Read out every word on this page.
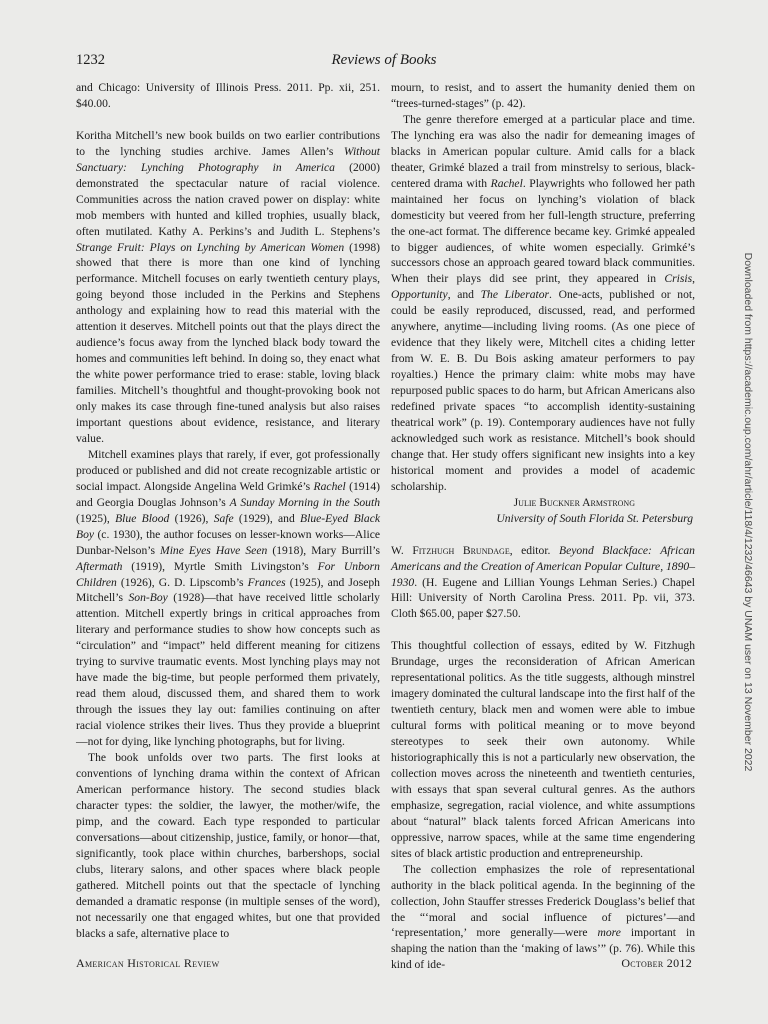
1232	Reviews of Books

and Chicago: University of Illinois Press. 2011. Pp. xii, 251. $40.00.

Koritha Mitchell’s new book builds on two earlier contributions to the lynching studies archive. James Allen’s Without Sanctuary: Lynching Photography in America (2000) demonstrated the spectacular nature of racial violence. Communities across the nation craved power on display: white mob members with hunted and killed trophies, usually black, often mutilated. Kathy A. Perkins’s and Judith L. Stephens’s Strange Fruit: Plays on Lynching by American Women (1998) showed that there is more than one kind of lynching performance. Mitchell focuses on early twentieth century plays, going beyond those included in the Perkins and Stephens anthology and explaining how to read this material with the attention it deserves. Mitchell points out that the plays direct the audience’s focus away from the lynched black body toward the homes and communities left behind. In doing so, they enact what the white power performance tried to erase: stable, loving black families. Mitchell’s thoughtful and thought-provoking book not only makes its case through fine-tuned analysis but also raises important questions about evidence, resistance, and literary value.

Mitchell examines plays that rarely, if ever, got professionally produced or published and did not create recognizable artistic or social impact. Alongside Angelina Weld Grimké’s Rachel (1914) and Georgia Douglas Johnson’s A Sunday Morning in the South (1925), Blue Blood (1926), Safe (1929), and Blue-Eyed Black Boy (c. 1930), the author focuses on lesser-known works—Alice Dunbar-Nelson’s Mine Eyes Have Seen (1918), Mary Burrill’s Aftermath (1919), Myrtle Smith Livingston’s For Unborn Children (1926), G. D. Lipscomb’s Frances (1925), and Joseph Mitchell’s Son-Boy (1928)—that have received little scholarly attention. Mitchell expertly brings in critical approaches from literary and performance studies to show how concepts such as “circulation” and “impact” held different meaning for citizens trying to survive traumatic events. Most lynching plays may not have made the big-time, but people performed them privately, read them aloud, discussed them, and shared them to work through the issues they lay out: families continuing on after racial violence strikes their lives. Thus they provide a blueprint—not for dying, like lynching photographs, but for living.

The book unfolds over two parts. The first looks at conventions of lynching drama within the context of African American performance history. The second studies black character types: the soldier, the lawyer, the mother/wife, the pimp, and the coward. Each type responded to particular conversations—about citizenship, justice, family, or honor—that, significantly, took place within churches, barbershops, social clubs, literary salons, and other spaces where black people gathered. Mitchell points out that the spectacle of lynching demanded a dramatic response (in multiple senses of the word), not necessarily one that engaged whites, but one that provided blacks a safe, alternative place to

mourn, to resist, and to assert the humanity denied them on “trees-turned-stages” (p. 42).

The genre therefore emerged at a particular place and time. The lynching era was also the nadir for demeaning images of blacks in American popular culture. Amid calls for a black theater, Grimké blazed a trail from minstrelsy to serious, black-centered drama with Rachel. Playwrights who followed her path maintained her focus on lynching’s violation of black domesticity but veered from her full-length structure, preferring the one-act format. The difference became key. Grimké appealed to bigger audiences, of white women especially. Grimké’s successors chose an approach geared toward black communities. When their plays did see print, they appeared in Crisis, Opportunity, and The Liberator. One-acts, published or not, could be easily reproduced, discussed, read, and performed anywhere, anytime—including living rooms. (As one piece of evidence that they likely were, Mitchell cites a chiding letter from W. E. B. Du Bois asking amateur performers to pay royalties.) Hence the primary claim: white mobs may have repurposed public spaces to do harm, but African Americans also redefined private spaces “to accomplish identity-sustaining theatrical work” (p. 19). Contemporary audiences have not fully acknowledged such work as resistance. Mitchell’s book should change that. Her study offers significant new insights into a key historical moment and provides a model of academic scholarship.

Julie Buckner Armstrong

University of South Florida St. Petersburg

W. Fitzhugh Brundage, editor. Beyond Blackface: African Americans and the Creation of American Popular Culture, 1890–1930. (H. Eugene and Lillian Youngs Lehman Series.) Chapel Hill: University of North Carolina Press. 2011. Pp. vii, 373. Cloth $65.00, paper $27.50.

This thoughtful collection of essays, edited by W. Fitzhugh Brundage, urges the reconsideration of African American representational politics. As the title suggests, although minstrel imagery dominated the cultural landscape into the first half of the twentieth century, black men and women were able to imbue cultural forms with political meaning or to move beyond stereotypes to seek their own autonomy. While historiographically this is not a particularly new observation, the collection moves across the nineteenth and twentieth centuries, with essays that span several cultural genres. As the authors emphasize, segregation, racial violence, and white assumptions about “natural” black talents forced African Americans into oppressive, narrow spaces, while at the same time engendering sites of black artistic production and entrepreneurship.

The collection emphasizes the role of representational authority in the black political agenda. In the beginning of the collection, John Stauffer stresses Frederick Douglass’s belief that the “‘moral and social influence of pictures’—and ‘representation,’ more generally—were more important in shaping the nation than the ‘making of laws’” (p. 76). While this kind of ide-

American Historical Review	October 2012
Downloaded from https://academic.oup.com/ahr/article/118/4/1232/46643 by UNAM user on 13 November 2022
